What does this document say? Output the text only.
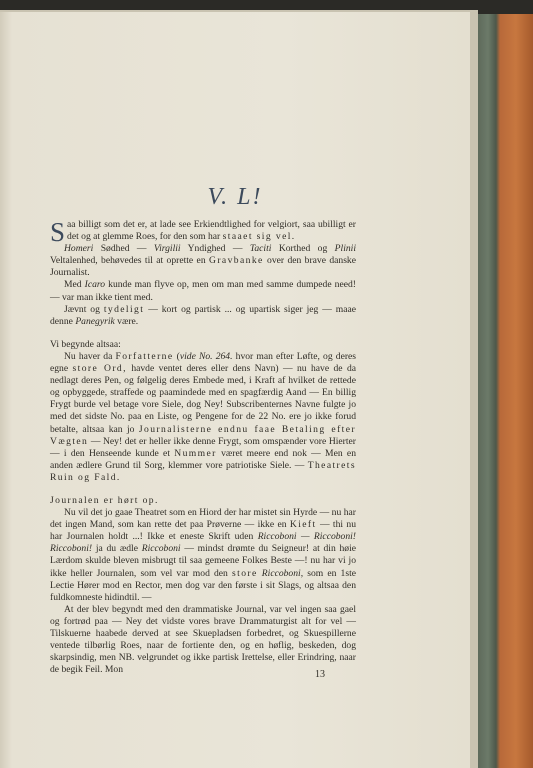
V. L!

Saa billigt som det er, at lade see Erkiendtlighed for velgiort, saa ubilligt er det og at glemme Roes, for den som har staaet sig vel.

Homeri Sødhed — Virgilii Yndighed — Taciti Korthed og Plinii Veltalenhed, behøvedes til at oprette en Gravbanke over den brave danske Journalist.

Med Icaro kunde man flyve op, men om man med samme dumpede need! — var man ikke tient med.

Jævnt og tydeligt — kort og partisk ... og upartisk siger jeg — maae denne Panegyrik være.

Vi begynde altsaa:

Nu haver da Forfatterne (vide No. 264. hvor man efter Løfte, og deres egne store Ord, havde ventet deres eller dens Navn) — nu have de da nedlagt deres Pen, og følgelig deres Embede med, i Kraft af hvilket de rettede og opbyggede, straffede og paamindede med en spagfærdig Aand — En billig Frygt burde vel betage vore Siele, dog Ney! Subscribenternes Navne fulgte jo med det sidste No. paa en Liste, og Pengene for de 22 No. ere jo ikke forud betalte, altsaa kan jo Journalisterne endnu faae Betaling efter Vægten — Ney! det er heller ikke denne Frygt, som omspænder vore Hierter — i den Henseende kunde et Nummer været meere end nok — Men en anden ædlere Grund til Sorg, klemmer vore patriotiske Siele. — Theatrets Ruin og Fald.

Journalen er hørt op.

Nu vil det jo gaae Theatret som en Hiord der har mistet sin Hyrde — nu har det ingen Mand, som kan rette det paa Prøverne — ikke en Kieft — thi nu har Journalen holdt ...! Ikke et eneste Skrift uden Riccoboni — Riccoboni! Riccoboni! ja du ædle Riccoboni — mindst drømte du Seigneur! at din høie Lærdom skulde bleven misbrugt til saa gemeene Folkes Beste —! nu har vi jo ikke heller Journalen, som vel var mod den store Riccoboni, som en 1ste Lectie Hører mod en Rector, men dog var den første i sit Slags, og altsaa den fuldkomneste hidindtil. —

At der blev begyndt med den drammatiske Journal, var vel ingen saa gael og fortrød paa — Ney det vidste vores brave Drammaturgist alt for vel — Tilskuerne haabede derved at see Skuepladsen forbedret, og Skuespillerne ventede tilbørlig Roes, naar de fortiente den, og en høflig, beskeden, dog skarpsindig, men NB. velgrundet og ikke partisk Irettelse, eller Erindring, naar de begik Feil. Mon	13
